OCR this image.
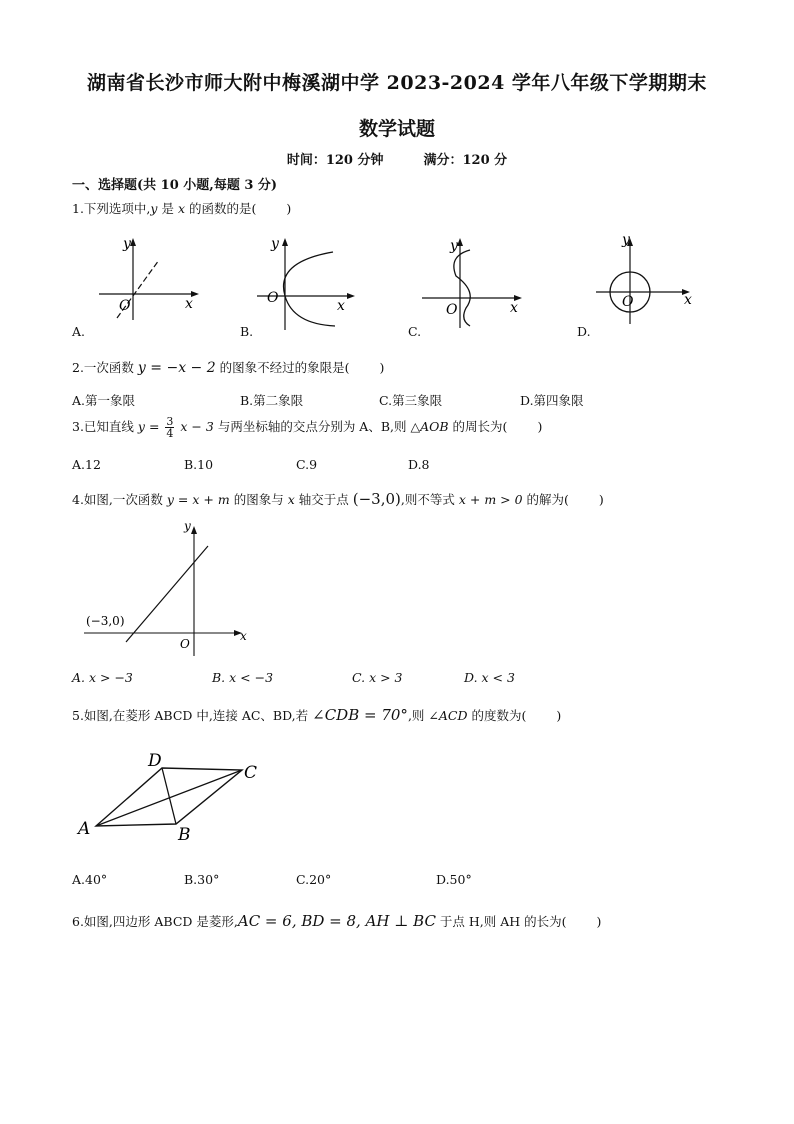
湖南省长沙市师大附中梅溪湖中学 2023-2024 学年八年级下学期期末
数学试题
时间：120 分钟	满分：120 分
一、选择题(共 10 小题,每题 3 分)
1.下列选项中,y 是 x 的函数的是( )
y
x
O
y
x
O
y
x
O
y
x
O
A.	B.	C.	D.
2.一次函数 y = −x − 2 的图象不经过的象限是( )
A.第一象限	B.第二象限	C.第三象限	D.第四象限
3.已知直线 $y = \frac{3}{4}$ x − 3 与两坐标轴的交点分别为 A、B,则 △AOB 的周长为( )
A.12	B.10	C.9	D.8
4.如图,一次函数 y = x + m 的图象与 x 轴交于点 (−3,0),则不等式 x + m > 0 的解为( )
y
x
O
(−3,0)
A. x > −3	B. x < −3	C. x > 3	D. x < 3
5.如图,在菱形 ABCD 中,连接 AC、BD,若 ∠CDB = 70°,则 ∠ACD 的度数为( )
A	B
C
D
A.40°	B.30°	C.20°	D.50°
6.如图,四边形 ABCD 是菱形,AC = 6, BD = 8, AH ⊥ BC 于点 H,则 AH 的长为( )
